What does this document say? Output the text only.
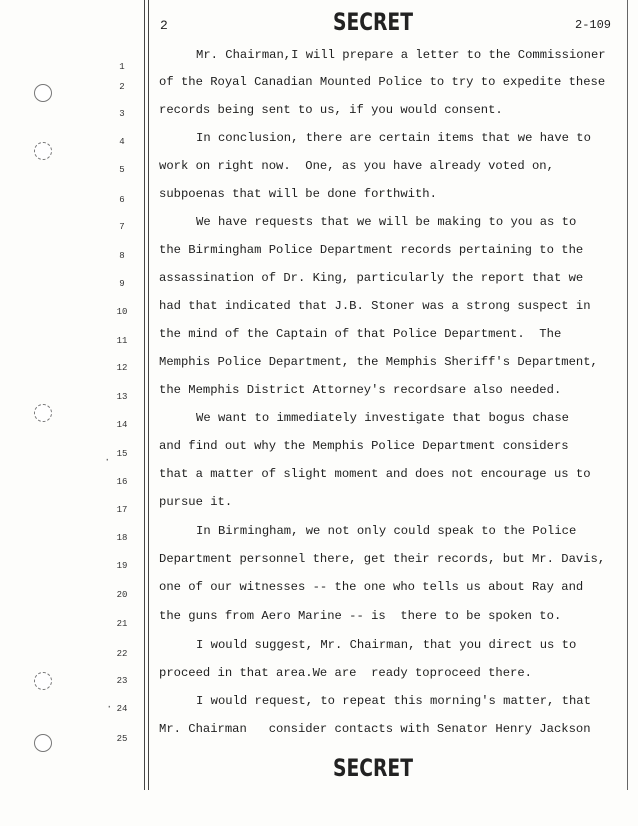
2	SECRET	2-109
1
2
3
4
5
6
7
8
9
10
11
12
13
14
15
16
17
18
19
20
21
22
23
24
25
Mr. Chairman,I will prepare a letter to the Commissioner
of the Royal Canadian Mounted Police to try to expedite these
records being sent to us, if you would consent.
In conclusion, there are certain items that we have to
work on right now.  One, as you have already voted on,
subpoenas that will be done forthwith.
We have requests that we will be making to you as to
the Birmingham Police Department records pertaining to the
assassination of Dr. King, particularly the report that we
had that indicated that J.B. Stoner was a strong suspect in
the mind of the Captain of that Police Department.  The
Memphis Police Department, the Memphis Sheriff's Department,
the Memphis District Attorney's recordsare also needed.
We want to immediately investigate that bogus chase
and find out why the Memphis Police Department considers
that a matter of slight moment and does not encourage us to
pursue it.
In Birmingham, we not only could speak to the Police
Department personnel there, get their records, but Mr. Davis,
one of our witnesses -- the one who tells us about Ray and
the guns from Aero Marine -- is  there to be spoken to.
I would suggest, Mr. Chairman, that you direct us to
proceed in that area.We are  ready toproceed there.
I would request, to repeat this morning's matter, that
Mr. Chairman   consider contacts with Senator Henry Jackson
·
·
SECRET
